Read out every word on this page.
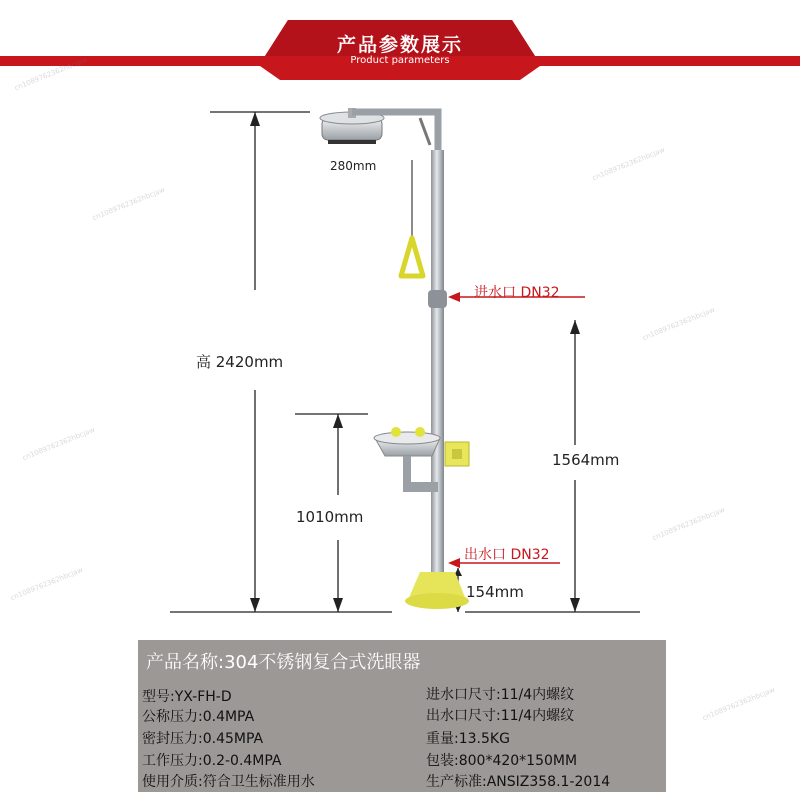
产品参数展示
Product parameters
280mm
高 2420mm
进水口 DN32
1564mm
1010mm
出水口 DN32
154mm
产品名称:304不锈钢复合式洗眼器
型号:YX-FH-D
公称压力:0.4MPA
密封压力:0.45MPA
工作压力:0.2-0.4MPA
使用介质:符合卫生标准用水
进水口尺寸:11/4内螺纹
出水口尺寸:11/4内螺纹
重量:13.5KG
包装:800*420*150MM
生产标准:ANSIZ358.1-2014
cn1089762362hbcjaw
cn1089762362hbcjaw
cn1089762362hbcjaw
cn1089762362hbcjaw
cn1089762362hbcjaw
cn1089762362hbcjaw
cn1089762362hbcjaw
cn1089762362hbcjaw
